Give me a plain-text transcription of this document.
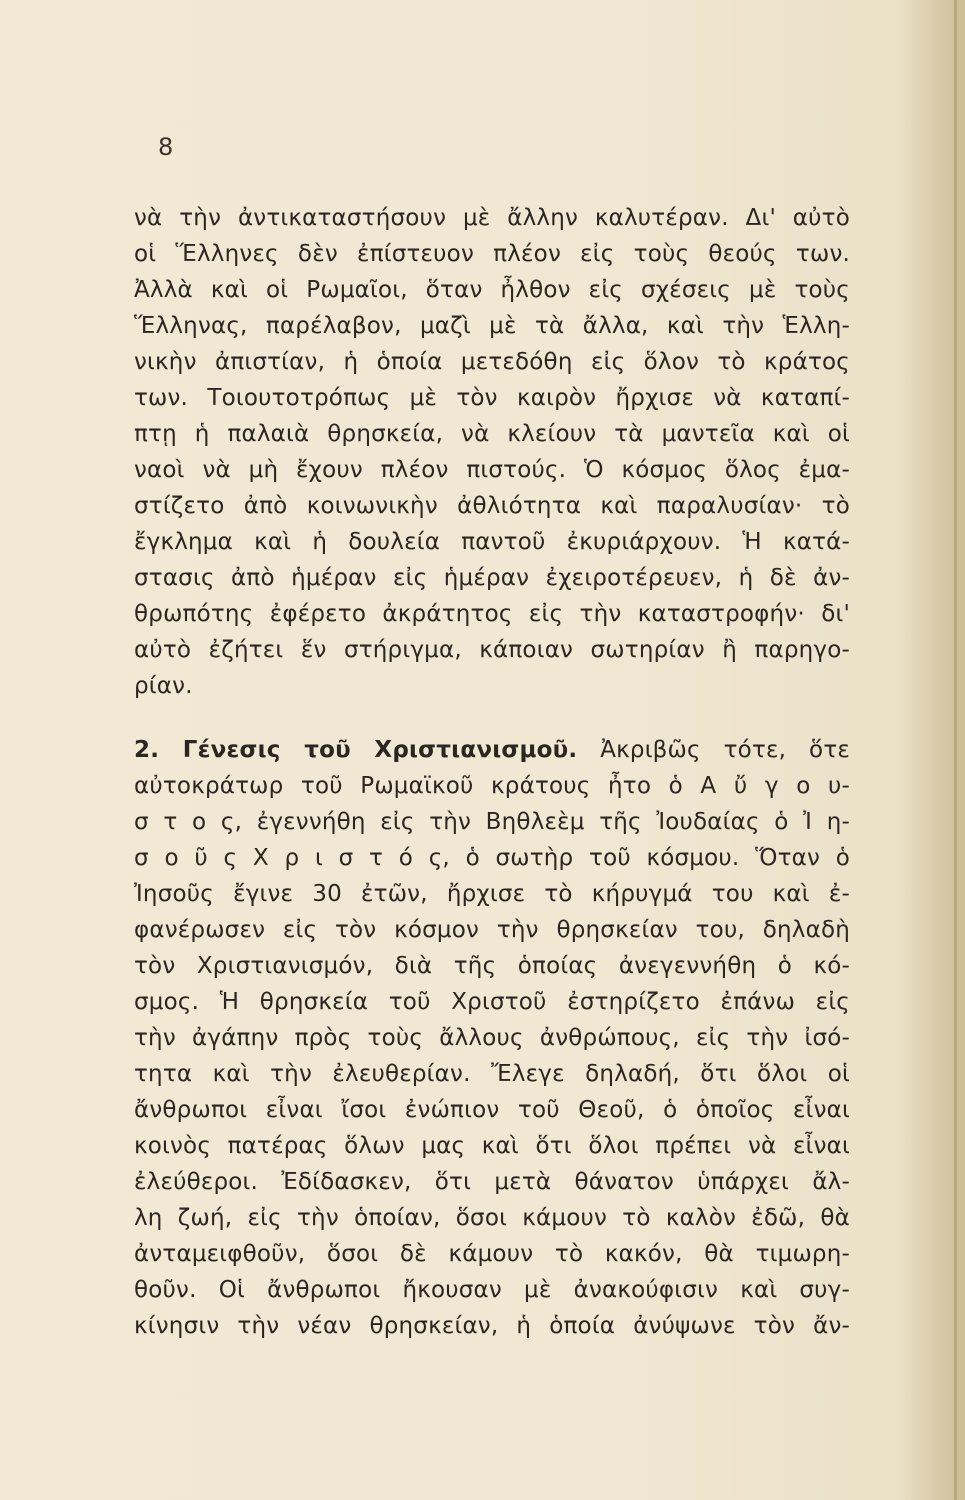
8
νὰ τὴν ἀντικαταστήσουν μὲ ἄλλην καλυτέραν. Δι' αὐτὸ
οἱ Ἕλληνες δὲν ἐπίστευον πλέον εἰς τοὺς θεούς των.
Ἀλλὰ καὶ οἱ Ρωμαῖοι, ὅταν ἦλθον εἰς σχέσεις μὲ τοὺς
Ἕλληνας, παρέλαβον, μαζὶ μὲ τὰ ἄλλα, καὶ τὴν Ἑλλη-
νικὴν ἀπιστίαν, ἡ ὁποία μετεδόθη εἰς ὅλον τὸ κράτος
των. Τοιουτοτρόπως μὲ τὸν καιρὸν ἤρχισε νὰ καταπί-
πτῃ ἡ παλαιὰ θρησκεία, νὰ κλείουν τὰ μαντεῖα καὶ οἱ
ναοὶ νὰ μὴ ἔχουν πλέον πιστούς. Ὁ κόσμος ὅλος ἐμα-
στίζετο ἀπὸ κοινωνικὴν ἀθλιότητα καὶ παραλυσίαν· τὸ
ἔγκλημα καὶ ἡ δουλεία παντοῦ ἐκυριάρχουν. Ἡ κατά-
στασις ἀπὸ ἡμέραν εἰς ἡμέραν ἐχειροτέρευεν, ἡ δὲ ἀν-
θρωπότης ἐφέρετο ἀκράτητος εἰς τὴν καταστροφήν· δι'
αὐτὸ ἐζήτει ἕν στήριγμα, κάποιαν σωτηρίαν ἢ παρηγο-
ρίαν.
2. Γένεσις τοῦ Χριστιανισμοῦ. Ἀκριβῶς τότε, ὅτε
αὐτοκράτωρ τοῦ Ρωμαϊκοῦ κράτους ἦτο ὁ Α ὔ γ ο υ-
σ τ ο ς, ἐγεννήθη εἰς τὴν Βηθλεὲμ τῆς Ἰουδαίας ὁ Ἰ η-
σ ο ῦ ς Χ ρ ι σ τ ό ς, ὁ σωτὴρ τοῦ κόσμου. Ὅταν ὁ
Ἰησοῦς ἔγινε 30 ἐτῶν, ἤρχισε τὸ κήρυγμά του καὶ ἐ-
φανέρωσεν εἰς τὸν κόσμον τὴν θρησκείαν του, δηλαδὴ
τὸν Χριστιανισμόν, διὰ τῆς ὁποίας ἀνεγεννήθη ὁ κό-
σμος. Ἡ θρησκεία τοῦ Χριστοῦ ἐστηρίζετο ἐπάνω εἰς
τὴν ἀγάπην πρὸς τοὺς ἄλλους ἀνθρώπους, εἰς τὴν ἰσό-
τητα καὶ τὴν ἐλευθερίαν. Ἔλεγε δηλαδή, ὅτι ὅλοι οἱ
ἄνθρωποι εἶναι ἴσοι ἐνώπιον τοῦ Θεοῦ, ὁ ὁποῖος εἶναι
κοινὸς πατέρας ὅλων μας καὶ ὅτι ὅλοι πρέπει νὰ εἶναι
ἐλεύθεροι. Ἐδίδασκεν, ὅτι μετὰ θάνατον ὑπάρχει ἄλ-
λη ζωή, εἰς τὴν ὁποίαν, ὅσοι κάμουν τὸ καλὸν ἐδῶ, θὰ
ἀνταμειφθοῦν, ὅσοι δὲ κάμουν τὸ κακόν, θὰ τιμωρη-
θοῦν. Οἱ ἄνθρωποι ἤκουσαν μὲ ἀνακούφισιν καὶ συγ-
κίνησιν τὴν νέαν θρησκείαν, ἡ ὁποία ἀνύψωνε τὸν ἄν-
